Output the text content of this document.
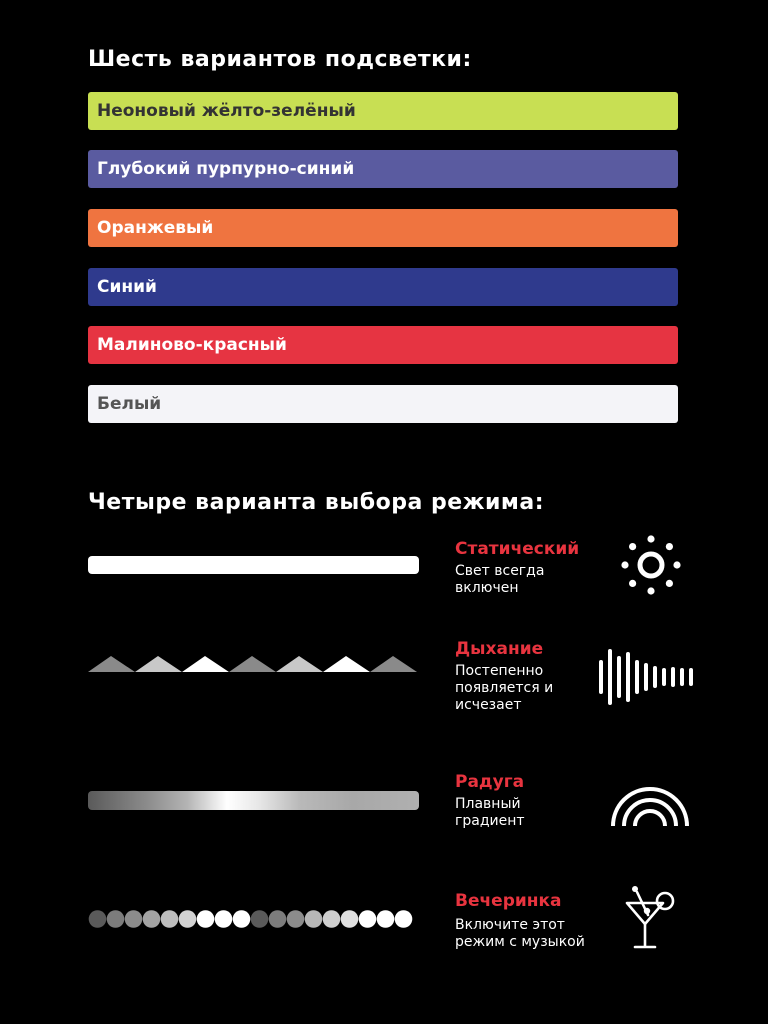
Шесть вариантов подсветки:
Неоновый жёлто-зелёный
Глубокий пурпурно-синий
Оранжевый
Синий
Малиново-красный
Белый
Четыре варианта выбора режима:
Статический
Свет всегда
включен
Дыхание
Постепенно
появляется и
исчезает
Радуга
Плавный
градиент
Вечеринка
Включите этот
режим с музыкой
